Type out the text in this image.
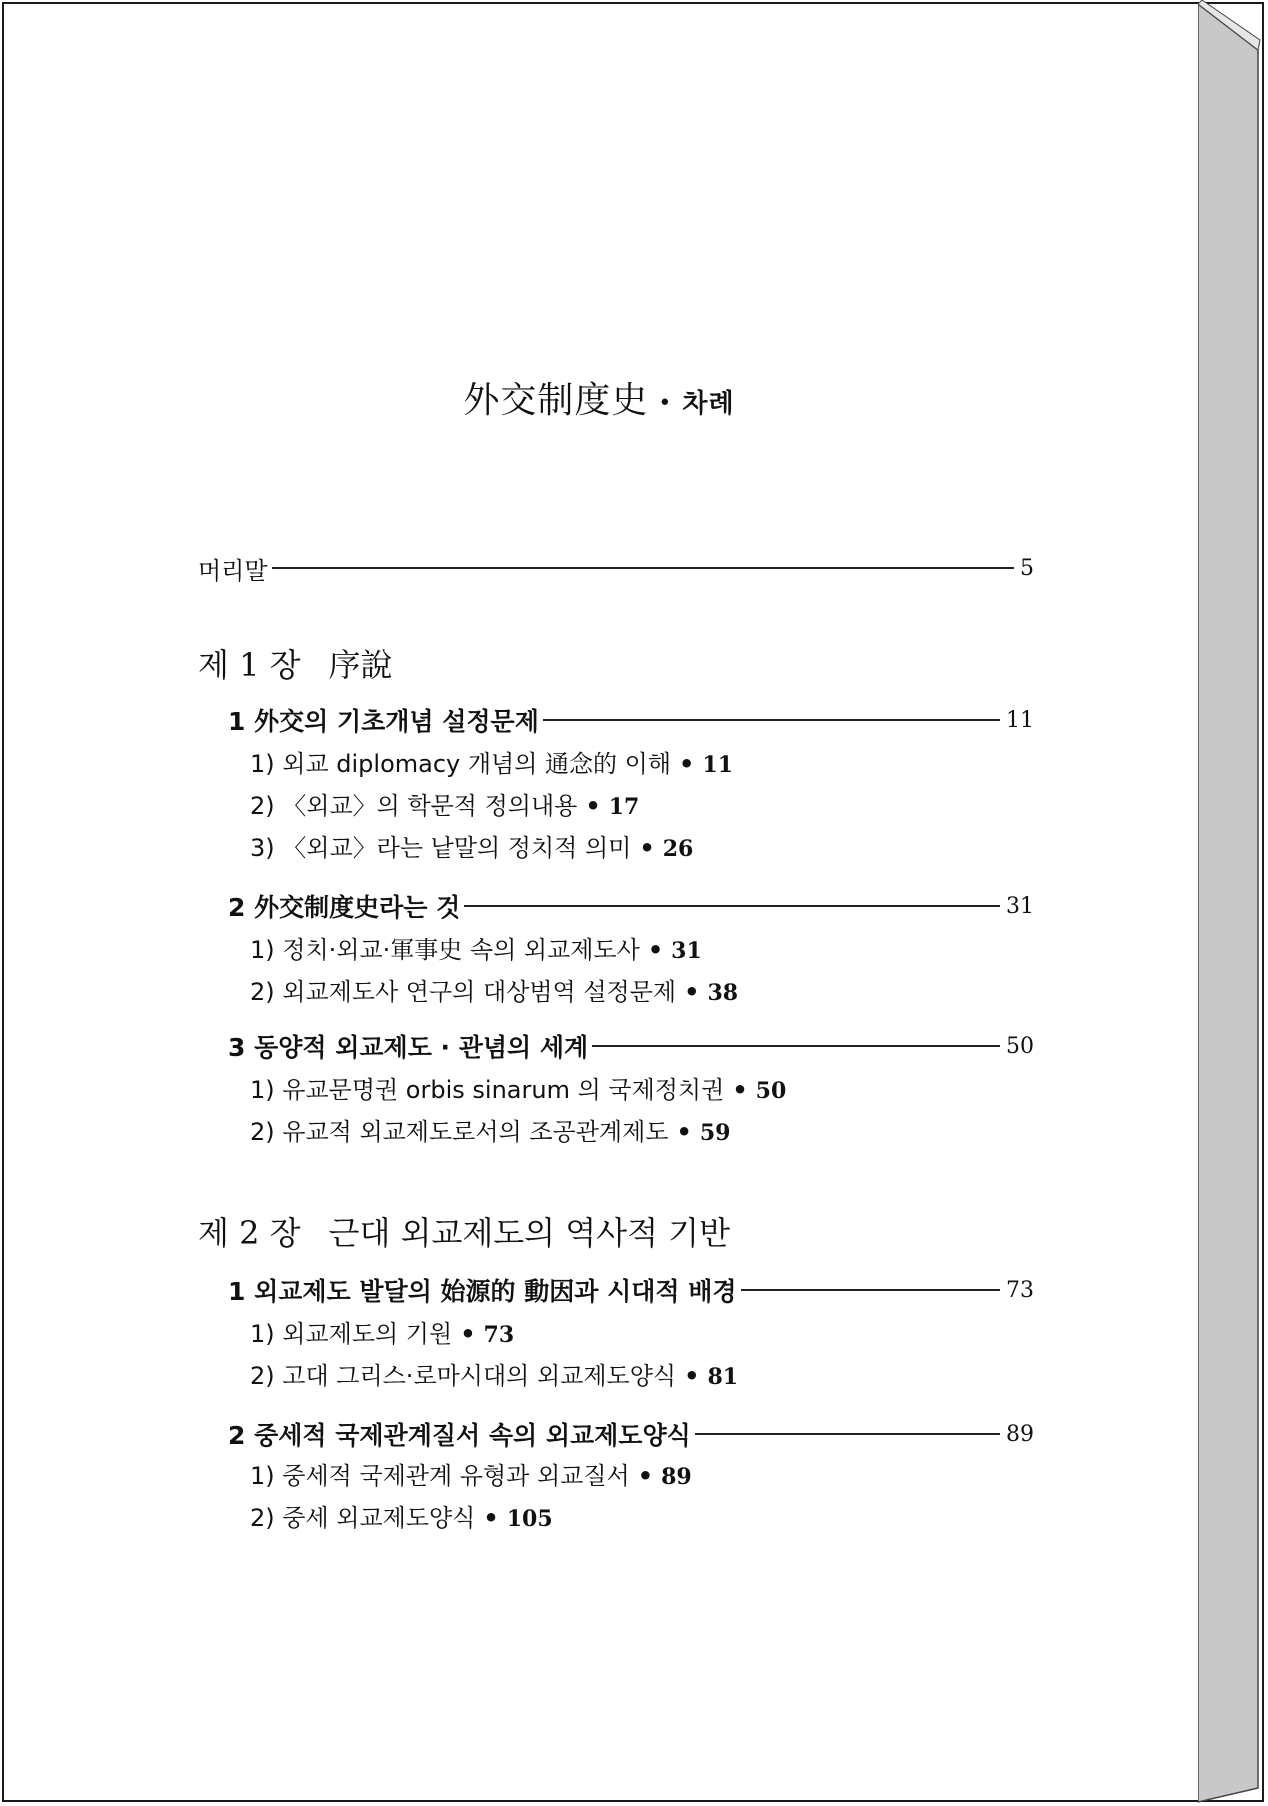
外交制度史 • 차례
머리말	5
제 1 장 序說
1 外交의 기초개념 설정문제	11
1) 외교 diplomacy 개념의 通念的 이해 • 11
2) 〈외교〉의 학문적 정의내용 • 17
3) 〈외교〉라는 낱말의 정치적 의미 • 26
2 外交制度史라는 것	31
1) 정치·외교·軍事史 속의 외교제도사 • 31
2) 외교제도사 연구의 대상범역 설정문제 • 38
3 동양적 외교제도 · 관념의 세계	50
1) 유교문명권 orbis sinarum 의 국제정치권 • 50
2) 유교적 외교제도로서의 조공관계제도 • 59
제 2 장 근대 외교제도의 역사적 기반
1 외교제도 발달의 始源的 動因과 시대적 배경	73
1) 외교제도의 기원 • 73
2) 고대 그리스·로마시대의 외교제도양식 • 81
2 중세적 국제관계질서 속의 외교제도양식	89
1) 중세적 국제관계 유형과 외교질서 • 89
2) 중세 외교제도양식 • 105
